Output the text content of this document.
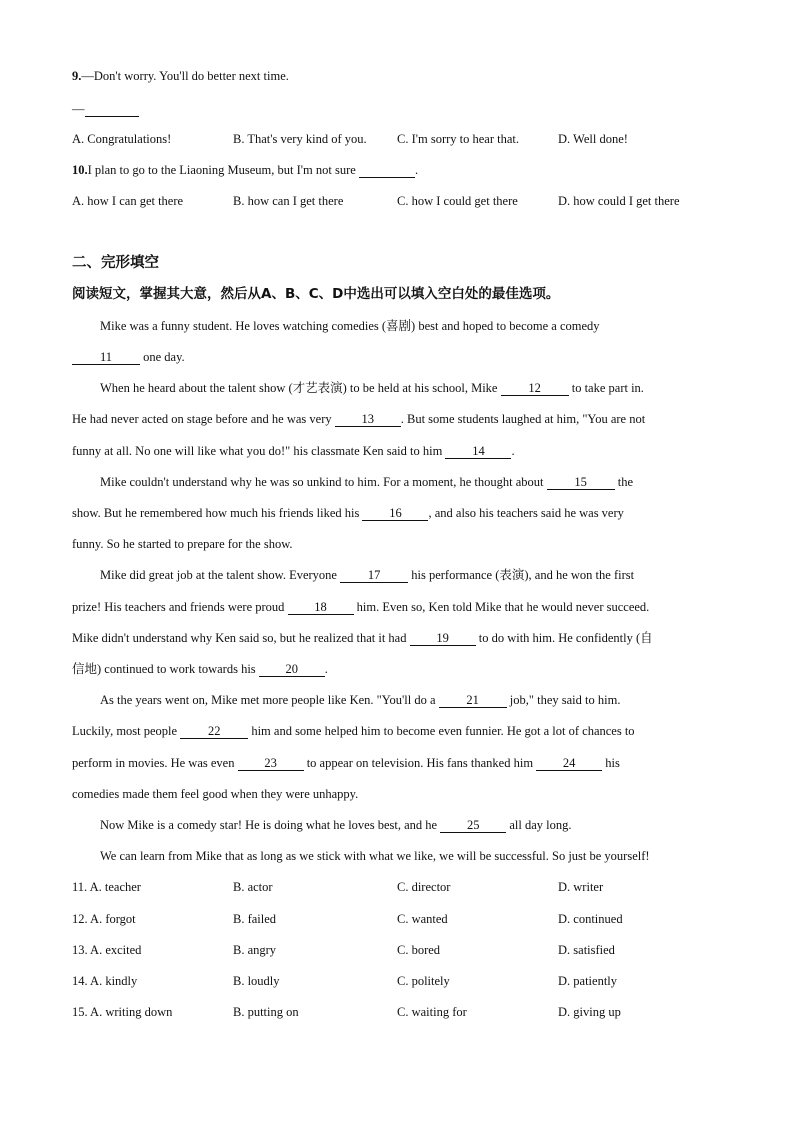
9.—Don't worry. You'll do better next time.
—
A. Congratulations!	B. That's very kind of you. C. I'm sorry to hear that.	D. Well done!
10.I plan to go to the Liaoning Museum, but I'm not sure	.
A. how I can get there	B. how can I get there	C. how I could get there	D. how could I get there
二、完形填空
阅读短文，掌握其大意，然后从A、B、C、D中选出可以填入空白处的最佳选项。
Mike was a funny student. He loves watching comedies (喜剧) best and hoped to become a comedy
11 one day.
When he heard about the talent show (才艺表演) to be held at his school, Mike 12 to take part in.
He had never acted on stage before and he was very 13 . But some students laughed at him, "You are not
funny at all. No one will like what you do!" his classmate Ken said to him 14 .
Mike couldn't understand why he was so unkind to him. For a moment, he thought about 15 the
show. But he remembered how much his friends liked his 16 , and also his teachers said he was very
funny. So he started to prepare for the show.
Mike did great job at the talent show. Everyone 17 his performance (表演), and he won the first
prize! His teachers and friends were proud 18 him. Even so, Ken told Mike that he would never succeed.
Mike didn't understand why Ken said so, but he realized that it had 19 to do with him. He confidently (自
信地) continued to work towards his 20 .
As the years went on, Mike met more people like Ken. "You'll do a 21 job," they said to him.
Luckily, most people 22 him and some helped him to become even funnier. He got a lot of chances to
perform in movies. He was even 23 to appear on television. His fans thanked him 24 his
comedies made them feel good when they were unhappy.
Now Mike is a comedy star! He is doing what he loves best, and he 25 all day long.
We can learn from Mike that as long as we stick with what we like, we will be successful. So just be yourself!
11. A. teacher	B. actor	C. director	D. writer
12. A. forgot	B. failed	C. wanted	D. continued
13. A. excited	B. angry	C. bored	D. satisfied
14. A. kindly	B. loudly	C. politely	D. patiently
15. A. writing down	B. putting on	C. waiting for	D. giving up
